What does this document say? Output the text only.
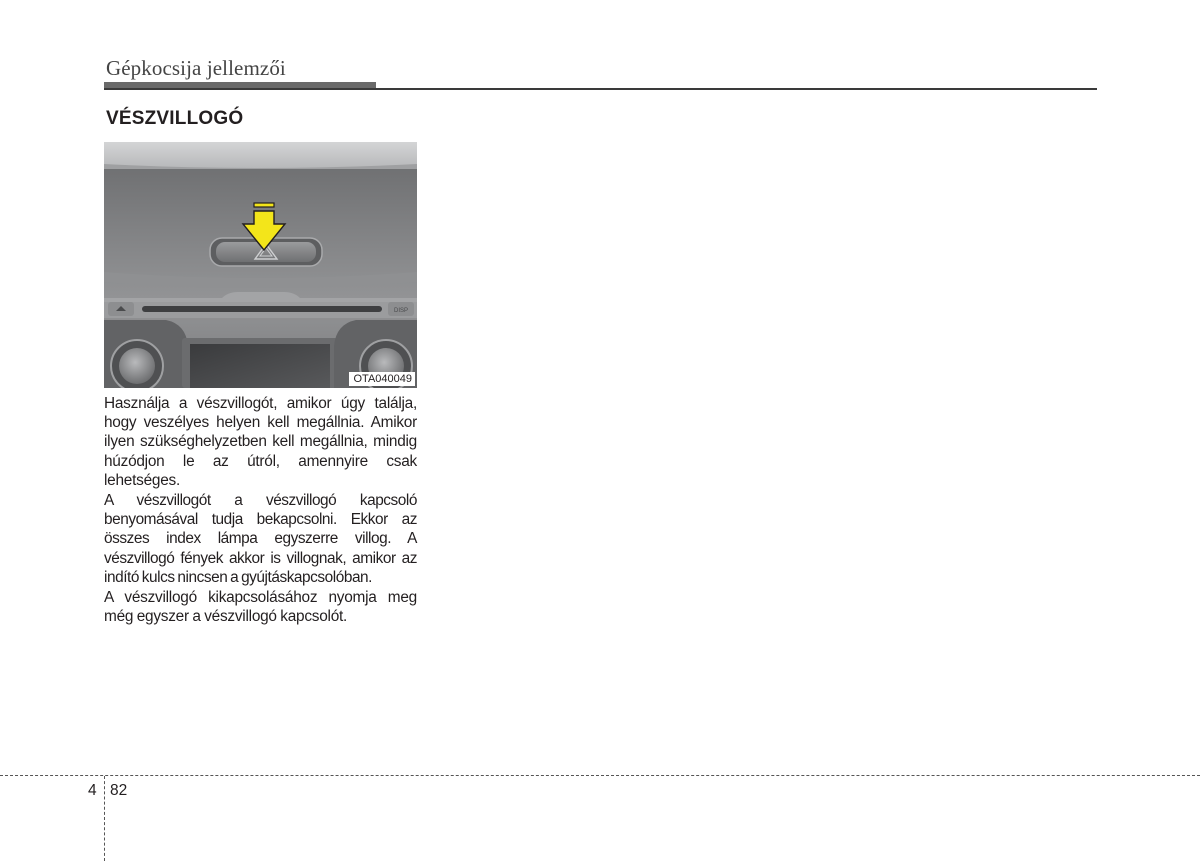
Gépkocsija jellemzői
VÉSZVILLOGÓ
DISP
OTA040049

Használja a vészvillogót, amikor úgy találja, hogy veszélyes helyen kell megállnia. Amikor ilyen szükséghelyzetben kell megállnia, mindig húzódjon le az útról, amennyire csak lehetséges.

A vészvillogót a vészvillogó kapcsoló benyomásával tudja bekapcsolni. Ekkor az összes index lámpa egyszerre villog. A vészvillogó fények akkor is villognak, amikor az indító kulcs nincsen a gyújtáskapcsolóban.

A vészvillogó kikapcsolásához nyomja meg még egyszer a vészvillogó kapcsolót.

4 82
